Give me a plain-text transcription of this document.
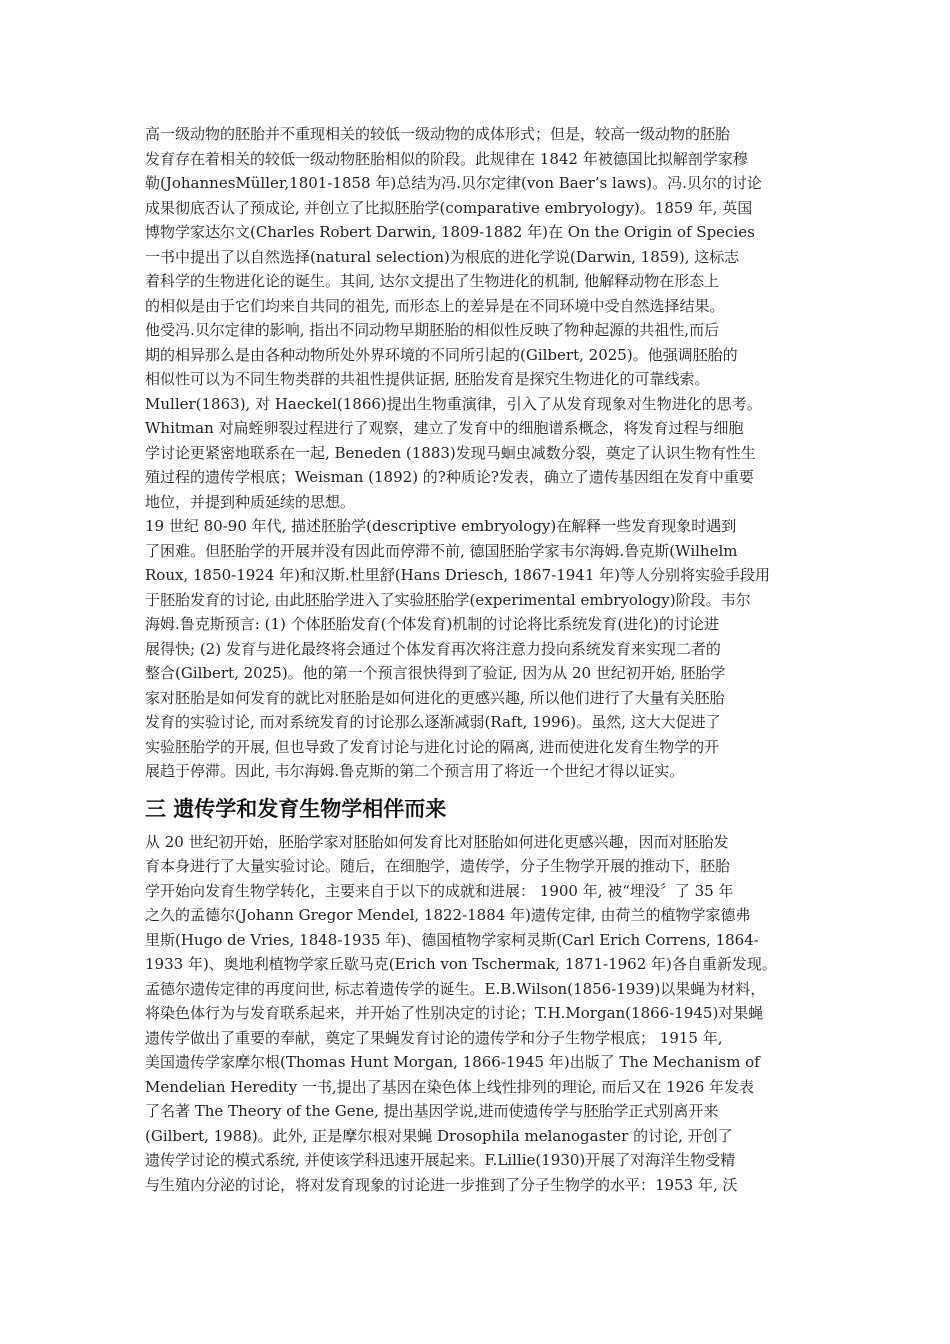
高一级动物的胚胎并不重现相关的较低一级动物的成体形式；但是，较高一级动物的胚胎
发育存在着相关的较低一级动物胚胎相似的阶段。此规律在 1842 年被德国比拟解剖学家穆
勒(JohannesMüller,1801-1858 年)总结为冯.贝尔定律(von Baer’s laws)。冯.贝尔的讨论
成果彻底否认了预成论, 并创立了比拟胚胎学(comparative embryology)。1859 年, 英国
博物学家达尔文(Charles Robert Darwin, 1809-1882 年)在 On the Origin of Species
一书中提出了以自然选择(natural selection)为根底的进化学说(Darwin, 1859), 这标志
着科学的生物进化论的诞生。其间, 达尔文提出了生物进化的机制, 他解释动物在形态上
的相似是由于它们均来自共同的祖先, 而形态上的差异是在不同环境中受自然选择结果。
他受冯.贝尔定律的影响, 指出不同动物早期胚胎的相似性反映了物种起源的共祖性,而后
期的相异那么是由各种动物所处外界环境的不同所引起的(Gilbert, 2025)。他强调胚胎的
相似性可以为不同生物类群的共祖性提供证据, 胚胎发育是探究生物进化的可靠线索。
Muller(1863), 对 Haeckel(1866)提出生物重演律，引入了从发育现象对生物进化的思考。
Whitman 对扁蛭卵裂过程进行了观察，建立了发育中的细胞谱系概念，将发育过程与细胞
学讨论更紧密地联系在一起, Beneden (1883)发现马蛔虫减数分裂，奠定了认识生物有性生
殖过程的遗传学根底；Weisman (1892) 的?种质论?发表，确立了遗传基因组在发育中重要
地位，并提到种质延续的思想。
19 世纪 80-90 年代, 描述胚胎学(descriptive embryology)在解释一些发育现象时遇到
了困难。但胚胎学的开展并没有因此而停滞不前, 德国胚胎学家韦尔海姆.鲁克斯(Wilhelm
Roux, 1850-1924 年)和汉斯.杜里舒(Hans Driesch, 1867-1941 年)等人分别将实验手段用
于胚胎发育的讨论, 由此胚胎学进入了实验胚胎学(experimental embryology)阶段。韦尔
海姆.鲁克斯预言: (1) 个体胚胎发育(个体发育)机制的讨论将比系统发育(进化)的讨论进
展得快; (2) 发育与进化最终将会通过个体发育再次将注意力投向系统发育来实现二者的
整合(Gilbert, 2025)。他的第一个预言很快得到了验证, 因为从 20 世纪初开始, 胚胎学
家对胚胎是如何发育的就比对胚胎是如何进化的更感兴趣, 所以他们进行了大量有关胚胎
发育的实验讨论, 而对系统发育的讨论那么逐渐减弱(Raft, 1996)。虽然, 这大大促进了
实验胚胎学的开展, 但也导致了发育讨论与进化讨论的隔离, 进而使进化发育生物学的开
展趋于停滞。因此, 韦尔海姆.鲁克斯的第二个预言用了将近一个世纪才得以证实。
三 遗传学和发育生物学相伴而来
从 20 世纪初开始，胚胎学家对胚胎如何发育比对胚胎如何进化更感兴趣，因而对胚胎发
育本身进行了大量实验讨论。随后，在细胞学，遗传学，分子生物学开展的推动下，胚胎
学开始向发育生物学转化，主要来自于以下的成就和进展： 1900 年, 被“埋没〞了 35 年
之久的孟德尔(Johann Gregor Mendel, 1822-1884 年)遗传定律, 由荷兰的植物学家德弗
里斯(Hugo de Vries, 1848-1935 年)、德国植物学家柯灵斯(Carl Erich Correns, 1864-
1933 年)、奥地利植物学家丘歇马克(Erich von Tschermak, 1871-1962 年)各自重新发现。
孟德尔遗传定律的再度问世, 标志着遗传学的诞生。E.B.Wilson(1856-1939)以果蝇为材料，
将染色体行为与发育联系起来，并开始了性别决定的讨论；T.H.Morgan(1866-1945)对果蝇
遗传学做出了重要的奉献，奠定了果蝇发育讨论的遗传学和分子生物学根底； 1915 年,
美国遗传学家摩尔根(Thomas Hunt Morgan, 1866-1945 年)出版了 The Mechanism of
Mendelian Heredity 一书,提出了基因在染色体上线性排列的理论, 而后又在 1926 年发表
了名著 The Theory of the Gene, 提出基因学说,进而使遗传学与胚胎学正式别离开来
(Gilbert, 1988)。此外, 正是摩尔根对果蝇 Drosophila melanogaster 的讨论, 开创了
遗传学讨论的模式系统, 并使该学科迅速开展起来。F.Lillie(1930)开展了对海洋生物受精
与生殖内分泌的讨论，将对发育现象的讨论进一步推到了分子生物学的水平：1953 年, 沃
